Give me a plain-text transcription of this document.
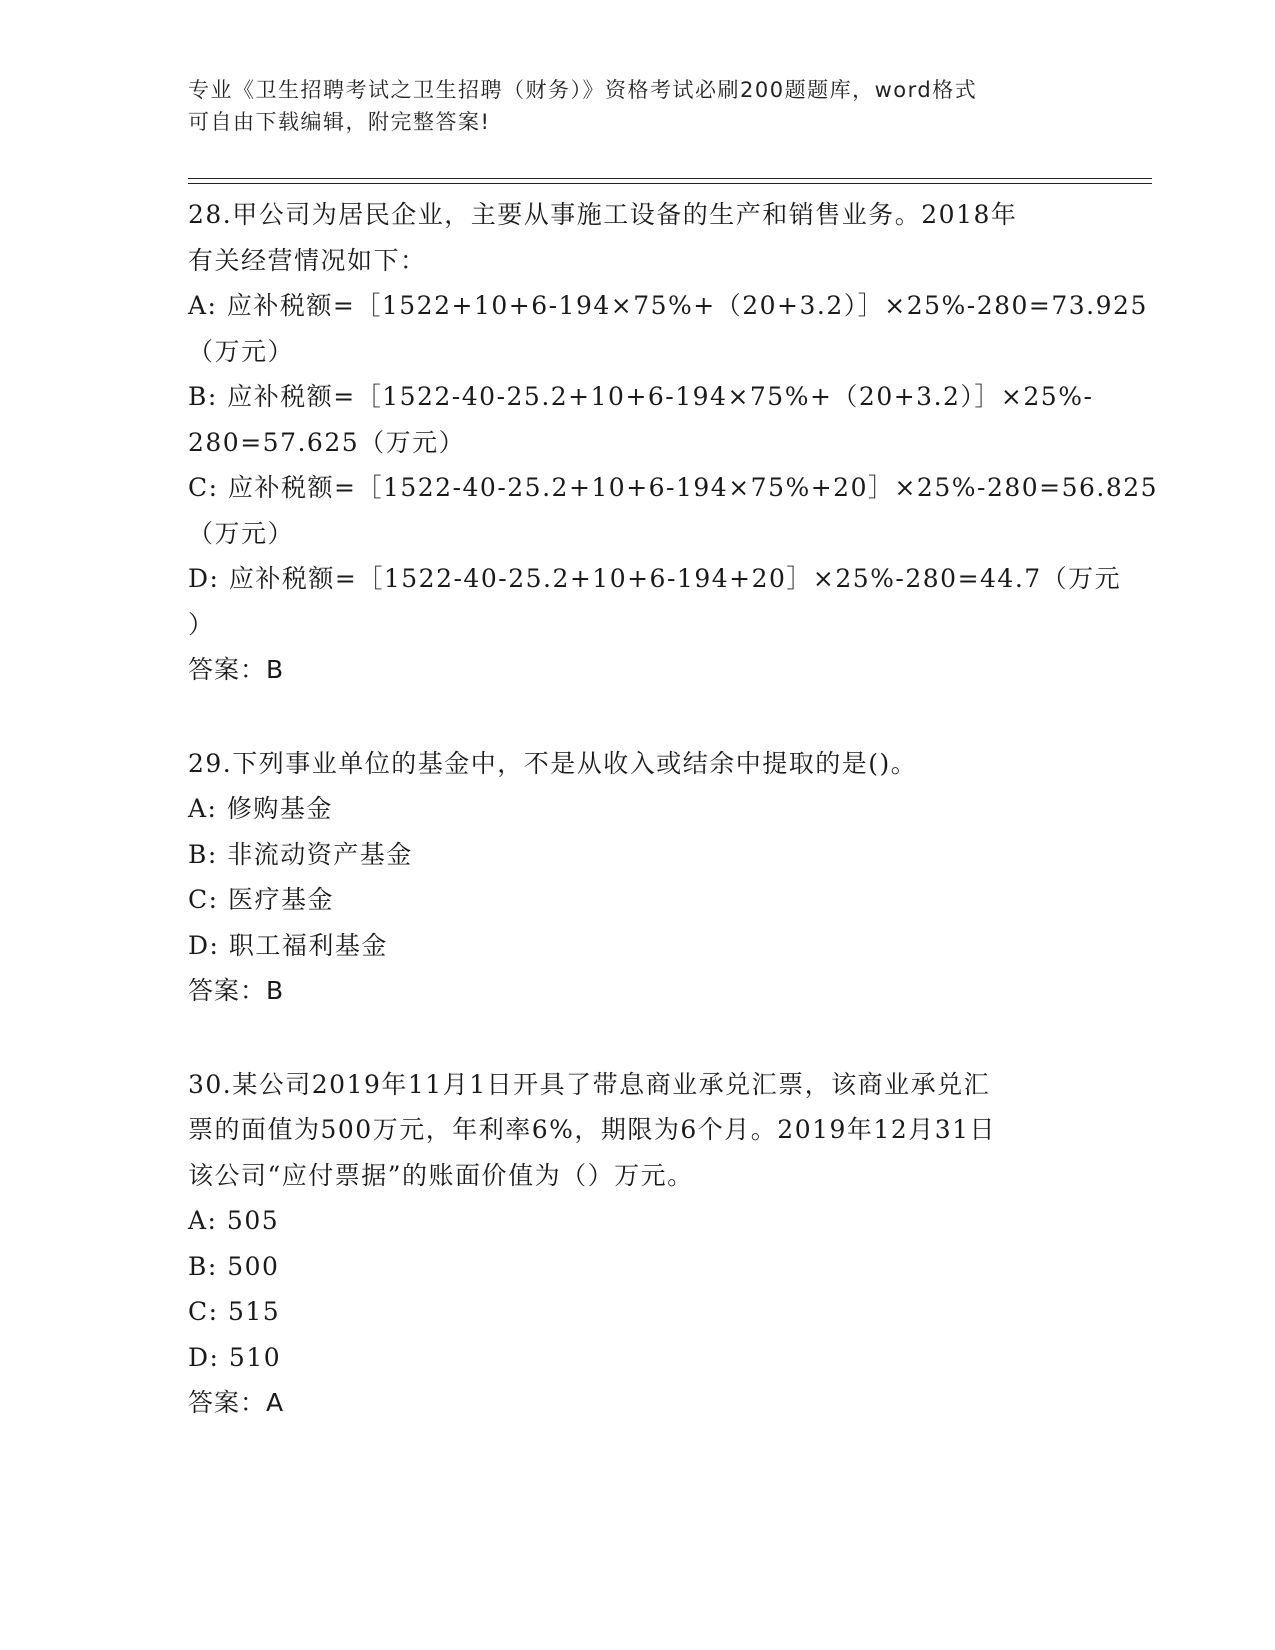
专业《卫生招聘考试之卫生招聘（财务）》资格考试必刷200题题库，word格式
可自由下载编辑，附完整答案!
28.甲公司为居民企业，主要从事施工设备的生产和销售业务。2018年
有关经营情况如下：
A: 应补税额=［1522+10+6-194×75%+（20+3.2）］×25%-280=73.925
（万元）
B: 应补税额=［1522-40-25.2+10+6-194×75%+（20+3.2）］×25%-
280=57.625（万元）
C: 应补税额=［1522-40-25.2+10+6-194×75%+20］×25%-280=56.825
（万元）
D: 应补税额=［1522-40-25.2+10+6-194+20］×25%-280=44.7（万元
）
答案：B
29.下列事业单位的基金中，不是从收入或结余中提取的是()。
A: 修购基金
B: 非流动资产基金
C: 医疗基金
D: 职工福利基金
答案：B
30.某公司2019年11月1日开具了带息商业承兑汇票，该商业承兑汇
票的面值为500万元，年利率6%，期限为6个月。2019年12月31日
该公司“应付票据”的账面价值为（）万元。
A: 505
B: 500
C: 515
D: 510
答案：A
